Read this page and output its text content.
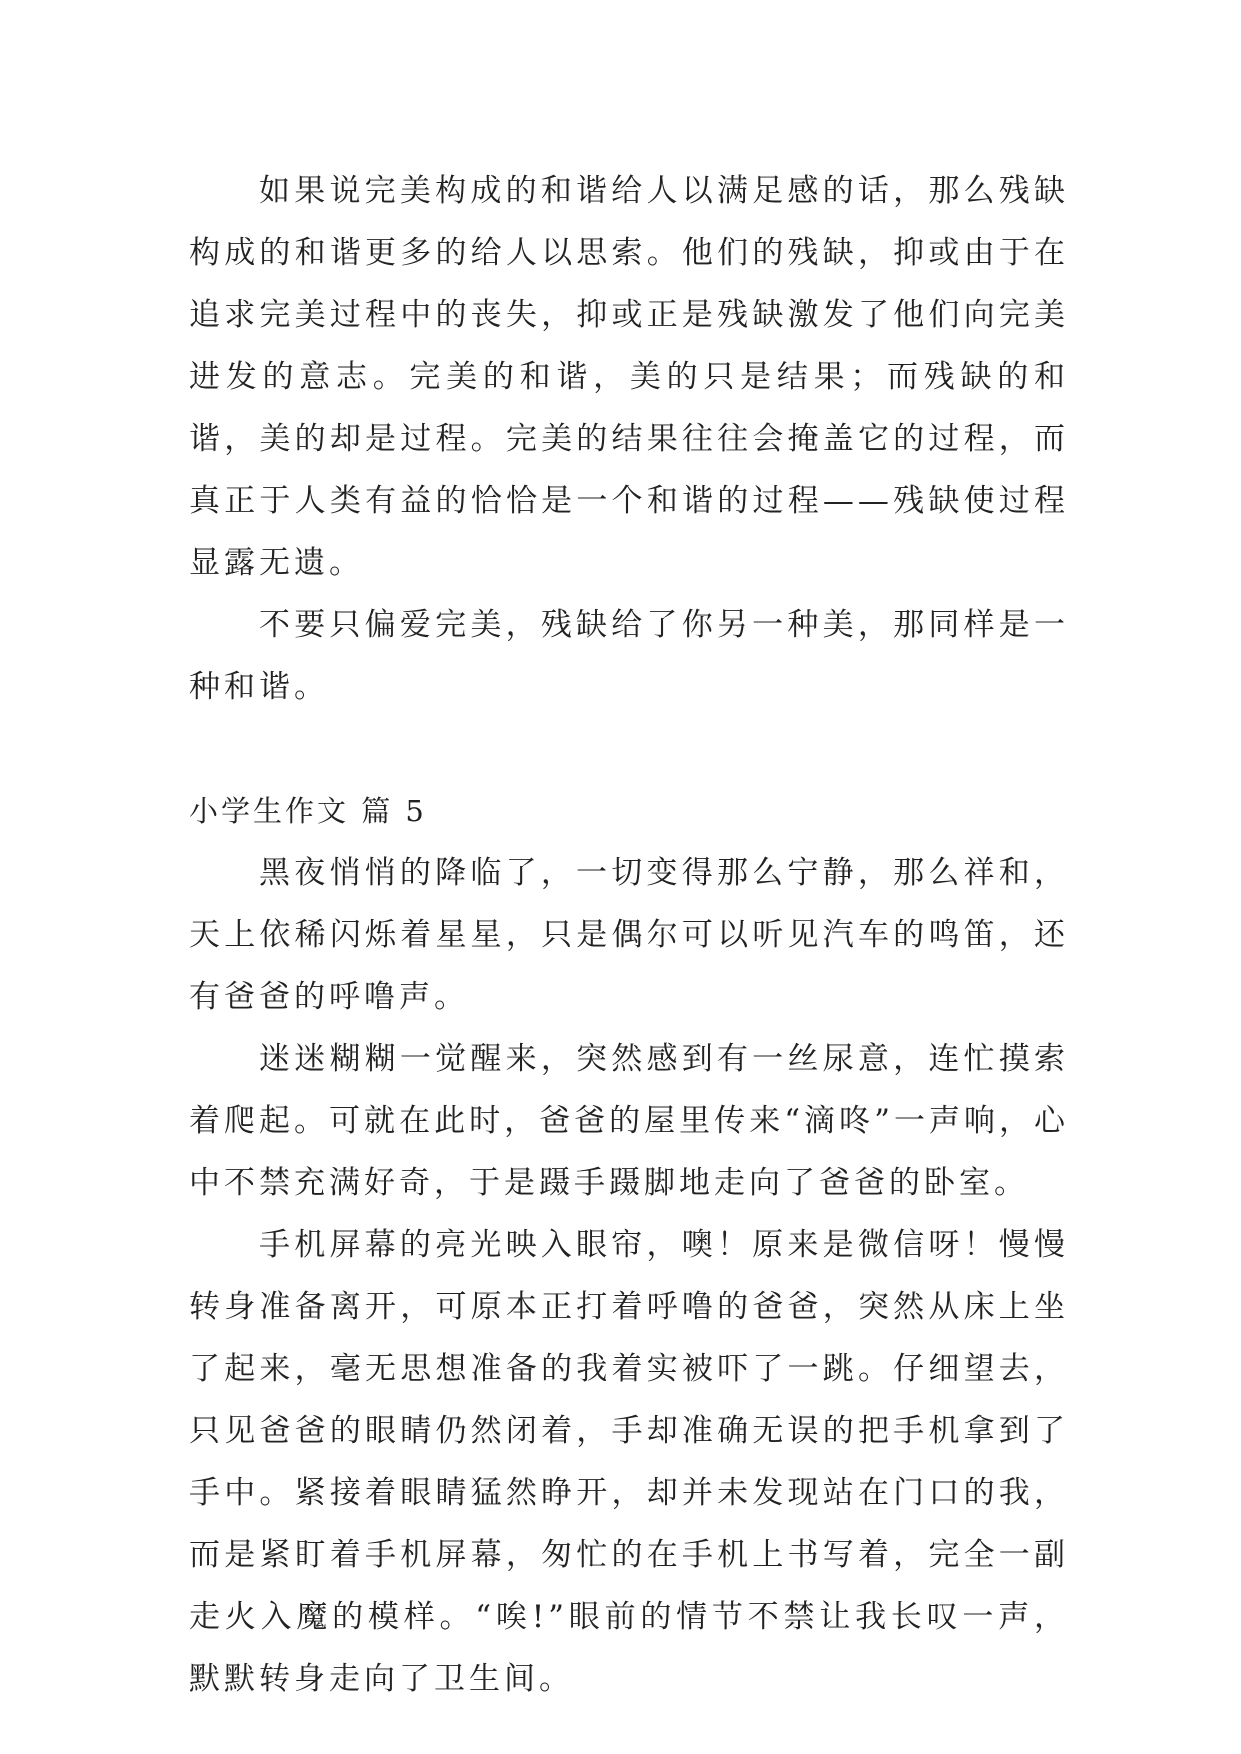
如果说完美构成的和谐给人以满足感的话，那么残缺构成的和谐更多的给人以思索。他们的残缺，抑或由于在追求完美过程中的丧失，抑或正是残缺激发了他们向完美进发的意志。完美的和谐，美的只是结果；而残缺的和谐，美的却是过程。完美的结果往往会掩盖它的过程，而真正于人类有益的恰恰是一个和谐的过程——残缺使过程显露无遗。

不要只偏爱完美，残缺给了你另一种美，那同样是一种和谐。

小学生作文 篇 5

黑夜悄悄的降临了，一切变得那么宁静，那么祥和，天上依稀闪烁着星星，只是偶尔可以听见汽车的鸣笛，还有爸爸的呼噜声。

迷迷糊糊一觉醒来，突然感到有一丝尿意，连忙摸索着爬起。可就在此时，爸爸的屋里传来“滴咚”一声响，心中不禁充满好奇，于是蹑手蹑脚地走向了爸爸的卧室。

手机屏幕的亮光映入眼帘，噢！原来是微信呀！慢慢转身准备离开，可原本正打着呼噜的爸爸，突然从床上坐了起来，毫无思想准备的我着实被吓了一跳。仔细望去，只见爸爸的眼睛仍然闭着，手却准确无误的把手机拿到了手中。紧接着眼睛猛然睁开，却并未发现站在门口的我，而是紧盯着手机屏幕，匆忙的在手机上书写着，完全一副走火入魔的模样。“唉!”眼前的情节不禁让我长叹一声，默默转身走向了卫生间。
